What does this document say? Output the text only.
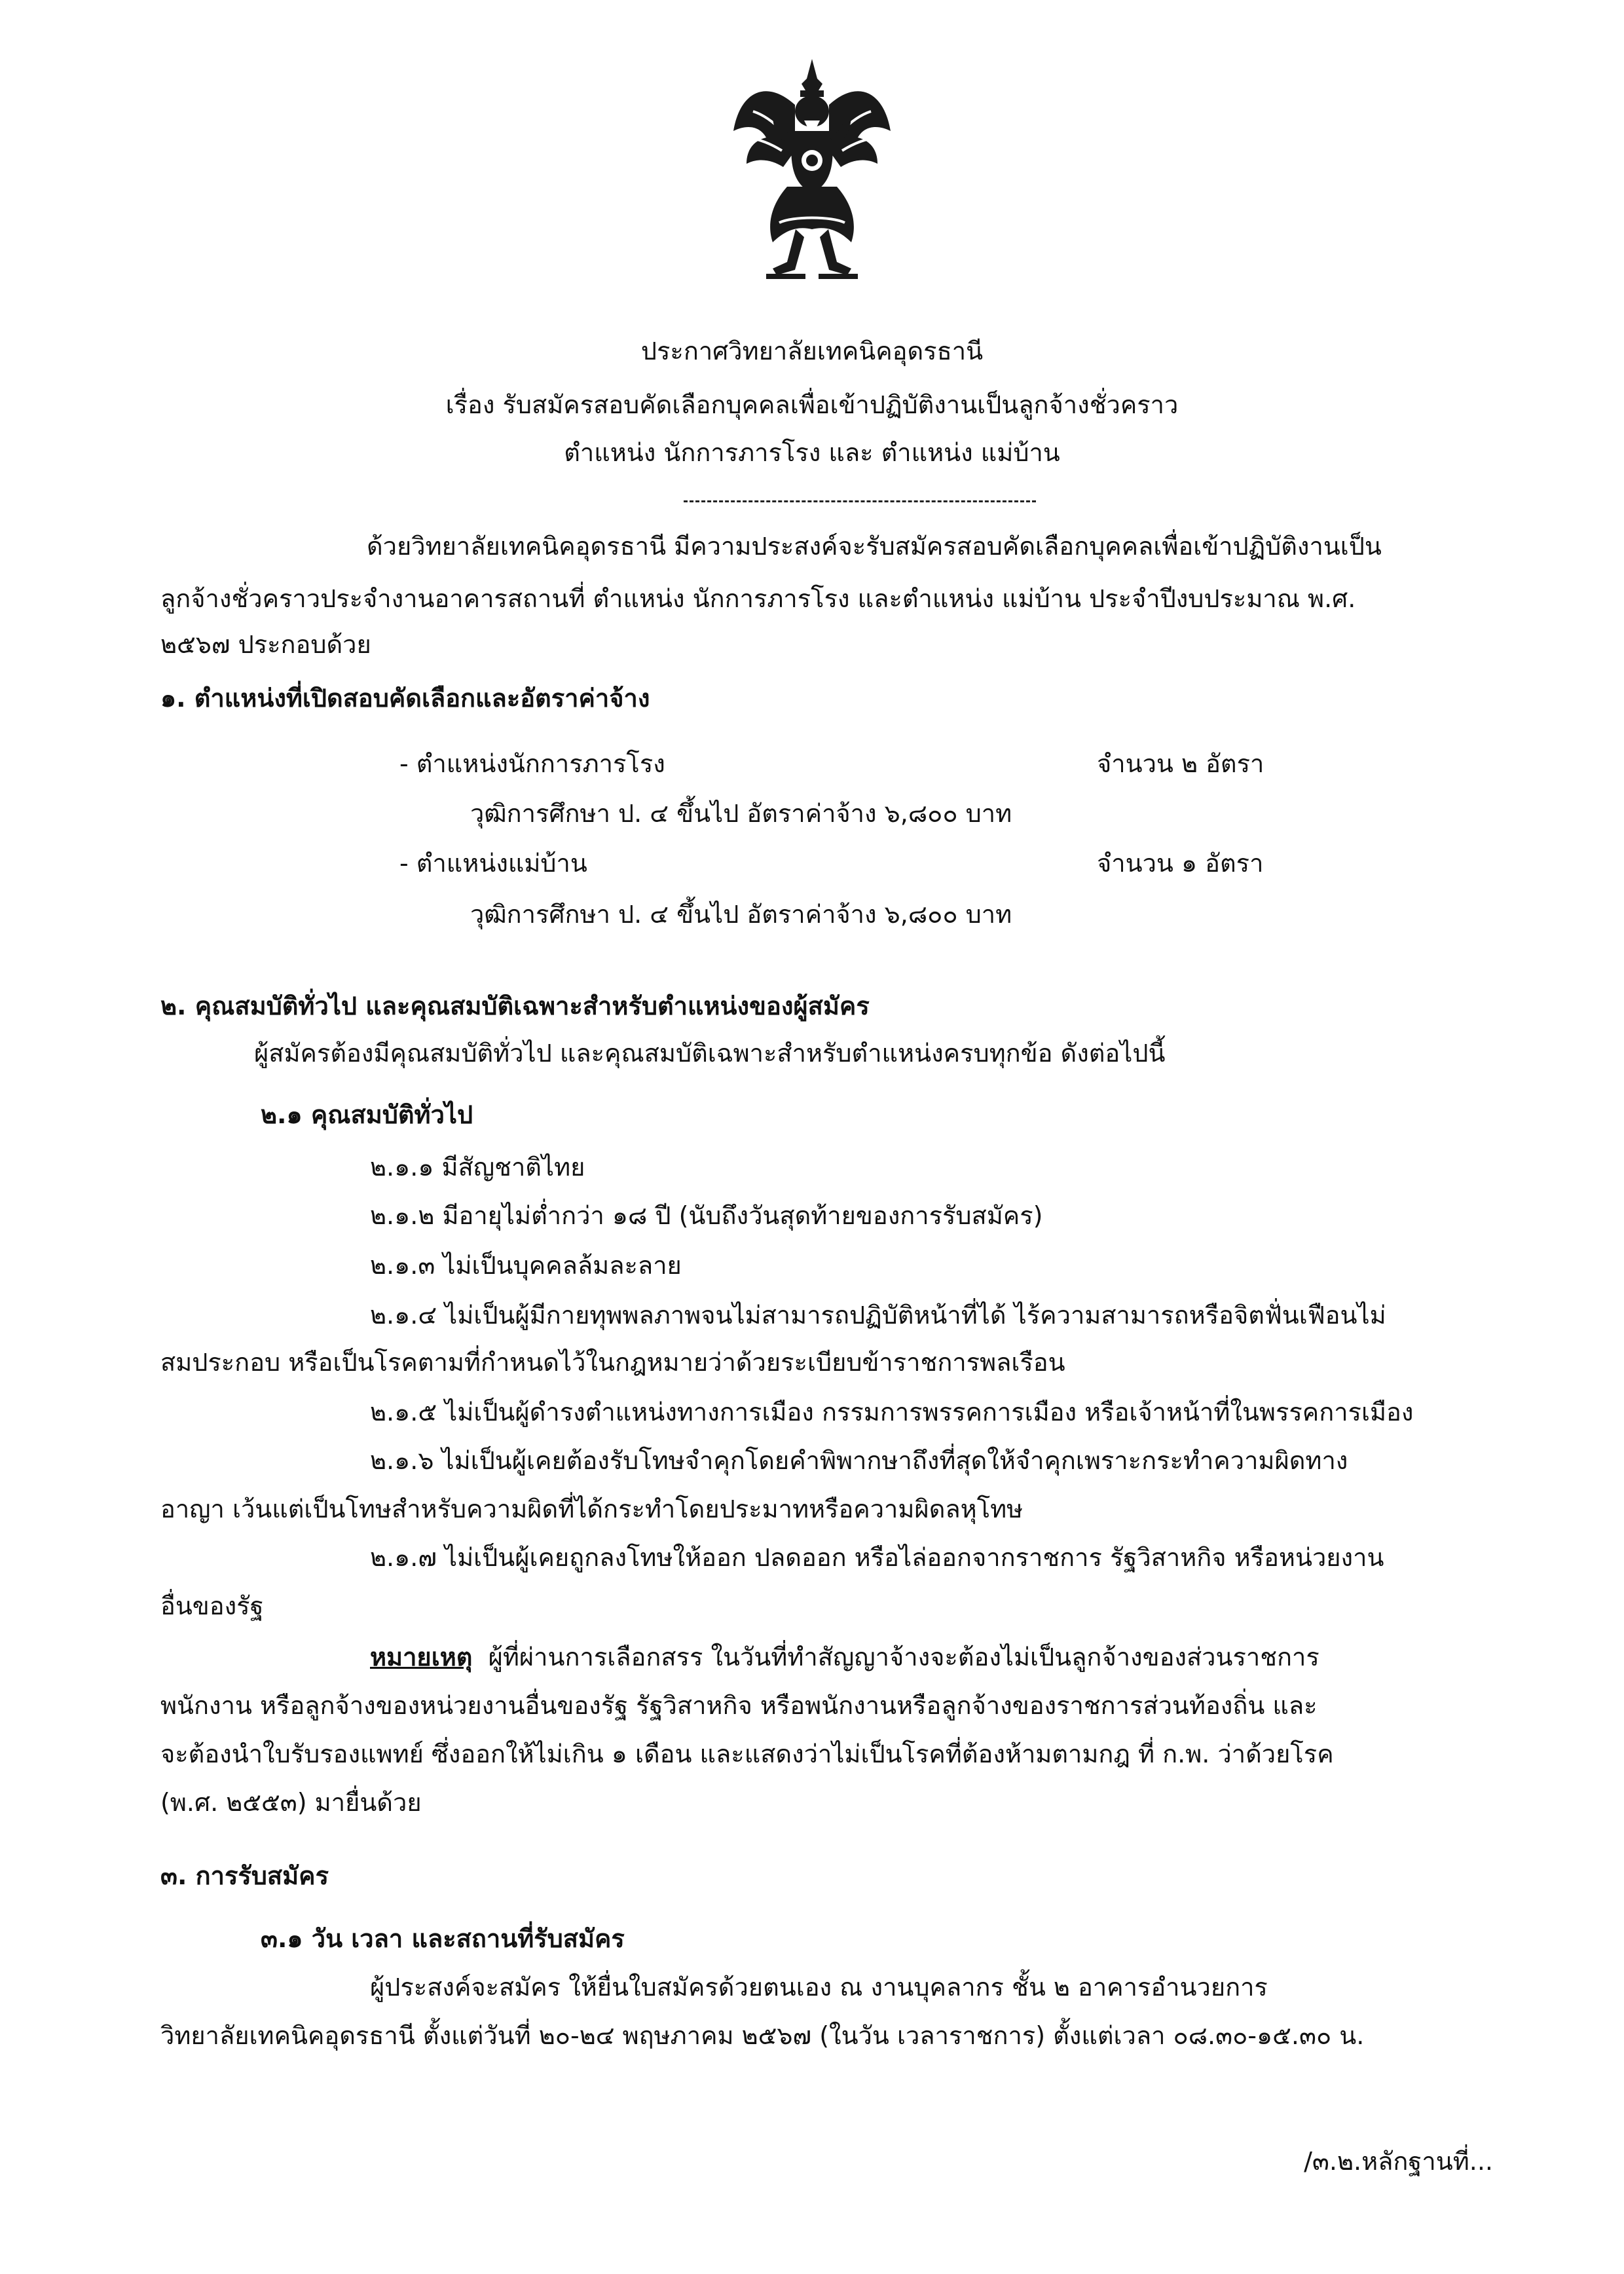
ประกาศวิทยาลัยเทคนิคอุดรธานี
เรื่อง รับสมัครสอบคัดเลือกบุคคลเพื่อเข้าปฏิบัติงานเป็นลูกจ้างชั่วคราว
ตำแหน่ง นักการภารโรง และ ตำแหน่ง แม่บ้าน
ด้วยวิทยาลัยเทคนิคอุดรธานี มีความประสงค์จะรับสมัครสอบคัดเลือกบุคคลเพื่อเข้าปฏิบัติงานเป็น
ลูกจ้างชั่วคราวประจำงานอาคารสถานที่ ตำแหน่ง นักการภารโรง และตำแหน่ง แม่บ้าน ประจำปีงบประมาณ พ.ศ.
๒๕๖๗ ประกอบด้วย
๑. ตำแหน่งที่เปิดสอบคัดเลือกและอัตราค่าจ้าง
- ตำแหน่งนักการภารโรง	จำนวน ๒ อัตรา
วุฒิการศึกษา ป. ๔ ขึ้นไป อัตราค่าจ้าง ๖,๘๐๐ บาท
- ตำแหน่งแม่บ้าน	จำนวน ๑ อัตรา
วุฒิการศึกษา ป. ๔ ขึ้นไป อัตราค่าจ้าง ๖,๘๐๐ บาท
๒. คุณสมบัติทั่วไป และคุณสมบัติเฉพาะสำหรับตำแหน่งของผู้สมัคร
ผู้สมัครต้องมีคุณสมบัติทั่วไป และคุณสมบัติเฉพาะสำหรับตำแหน่งครบทุกข้อ ดังต่อไปนี้
๒.๑ คุณสมบัติทั่วไป
๒.๑.๑ มีสัญชาติไทย
๒.๑.๒ มีอายุไม่ต่ำกว่า ๑๘ ปี (นับถึงวันสุดท้ายของการรับสมัคร)
๒.๑.๓ ไม่เป็นบุคคลล้มละลาย
๒.๑.๔ ไม่เป็นผู้มีกายทุพพลภาพจนไม่สามารถปฏิบัติหน้าที่ได้ ไร้ความสามารถหรือจิตฟั่นเฟือนไม่
สมประกอบ หรือเป็นโรคตามที่กำหนดไว้ในกฎหมายว่าด้วยระเบียบข้าราชการพลเรือน
๒.๑.๕ ไม่เป็นผู้ดำรงตำแหน่งทางการเมือง กรรมการพรรคการเมือง หรือเจ้าหน้าที่ในพรรคการเมือง
๒.๑.๖ ไม่เป็นผู้เคยต้องรับโทษจำคุกโดยคำพิพากษาถึงที่สุดให้จำคุกเพราะกระทำความผิดทาง
อาญา เว้นแต่เป็นโทษสำหรับความผิดที่ได้กระทำโดยประมาทหรือความผิดลหุโทษ
๒.๑.๗ ไม่เป็นผู้เคยถูกลงโทษให้ออก ปลดออก หรือไล่ออกจากราชการ รัฐวิสาหกิจ หรือหน่วยงาน
อื่นของรัฐ
หมายเหตุ ผู้ที่ผ่านการเลือกสรร ในวันที่ทำสัญญาจ้างจะต้องไม่เป็นลูกจ้างของส่วนราชการ
พนักงาน หรือลูกจ้างของหน่วยงานอื่นของรัฐ รัฐวิสาหกิจ หรือพนักงานหรือลูกจ้างของราชการส่วนท้องถิ่น และ
จะต้องนำใบรับรองแพทย์ ซึ่งออกให้ไม่เกิน ๑ เดือน และแสดงว่าไม่เป็นโรคที่ต้องห้ามตามกฎ ที่ ก.พ. ว่าด้วยโรค
(พ.ศ. ๒๕๕๓) มายื่นด้วย
๓. การรับสมัคร
๓.๑ วัน เวลา และสถานที่รับสมัคร
ผู้ประสงค์จะสมัคร ให้ยื่นใบสมัครด้วยตนเอง ณ งานบุคลากร ชั้น ๒ อาคารอำนวยการ
วิทยาลัยเทคนิคอุดรธานี ตั้งแต่วันที่ ๒๐-๒๔ พฤษภาคม ๒๕๖๗ (ในวัน เวลาราชการ) ตั้งแต่เวลา ๐๘.๓๐-๑๕.๓๐ น.
/๓.๒.หลักฐานที่...
